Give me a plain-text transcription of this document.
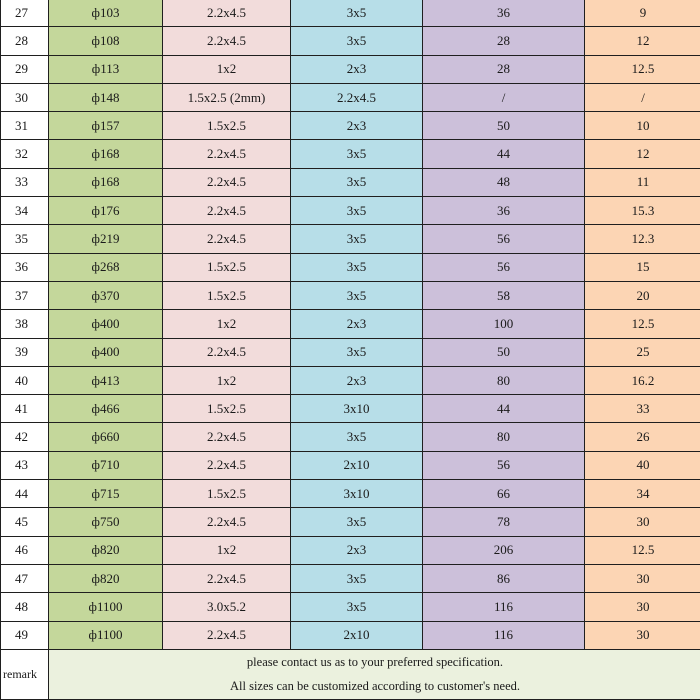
27	ф103	2.2x4.5	3x5	36	9
28	ф108	2.2x4.5	3x5	28	12
29	ф113	1x2	2x3	28	12.5
30	ф148	1.5x2.5 (2mm)	2.2x4.5	/	/
31	ф157	1.5x2.5	2x3	50	10
32	ф168	2.2x4.5	3x5	44	12
33	ф168	2.2x4.5	3x5	48	11
34	ф176	2.2x4.5	3x5	36	15.3
35	ф219	2.2x4.5	3x5	56	12.3
36	ф268	1.5x2.5	3x5	56	15
37	ф370	1.5x2.5	3x5	58	20
38	ф400	1x2	2x3	100	12.5
39	ф400	2.2x4.5	3x5	50	25
40	ф413	1x2	2x3	80	16.2
41	ф466	1.5x2.5	3x10	44	33
42	ф660	2.2x4.5	3x5	80	26
43	ф710	2.2x4.5	2x10	56	40
44	ф715	1.5x2.5	3x10	66	34
45	ф750	2.2x4.5	3x5	78	30
46	ф820	1x2	2x3	206	12.5
47	ф820	2.2x4.5	3x5	86	30
48	ф1100	3.0x5.2	3x5	116	30
49	ф1100	2.2x4.5	2x10	116	30
remark	please contact us as to your preferred specification.
All sizes can be customized according to customer's need.				
